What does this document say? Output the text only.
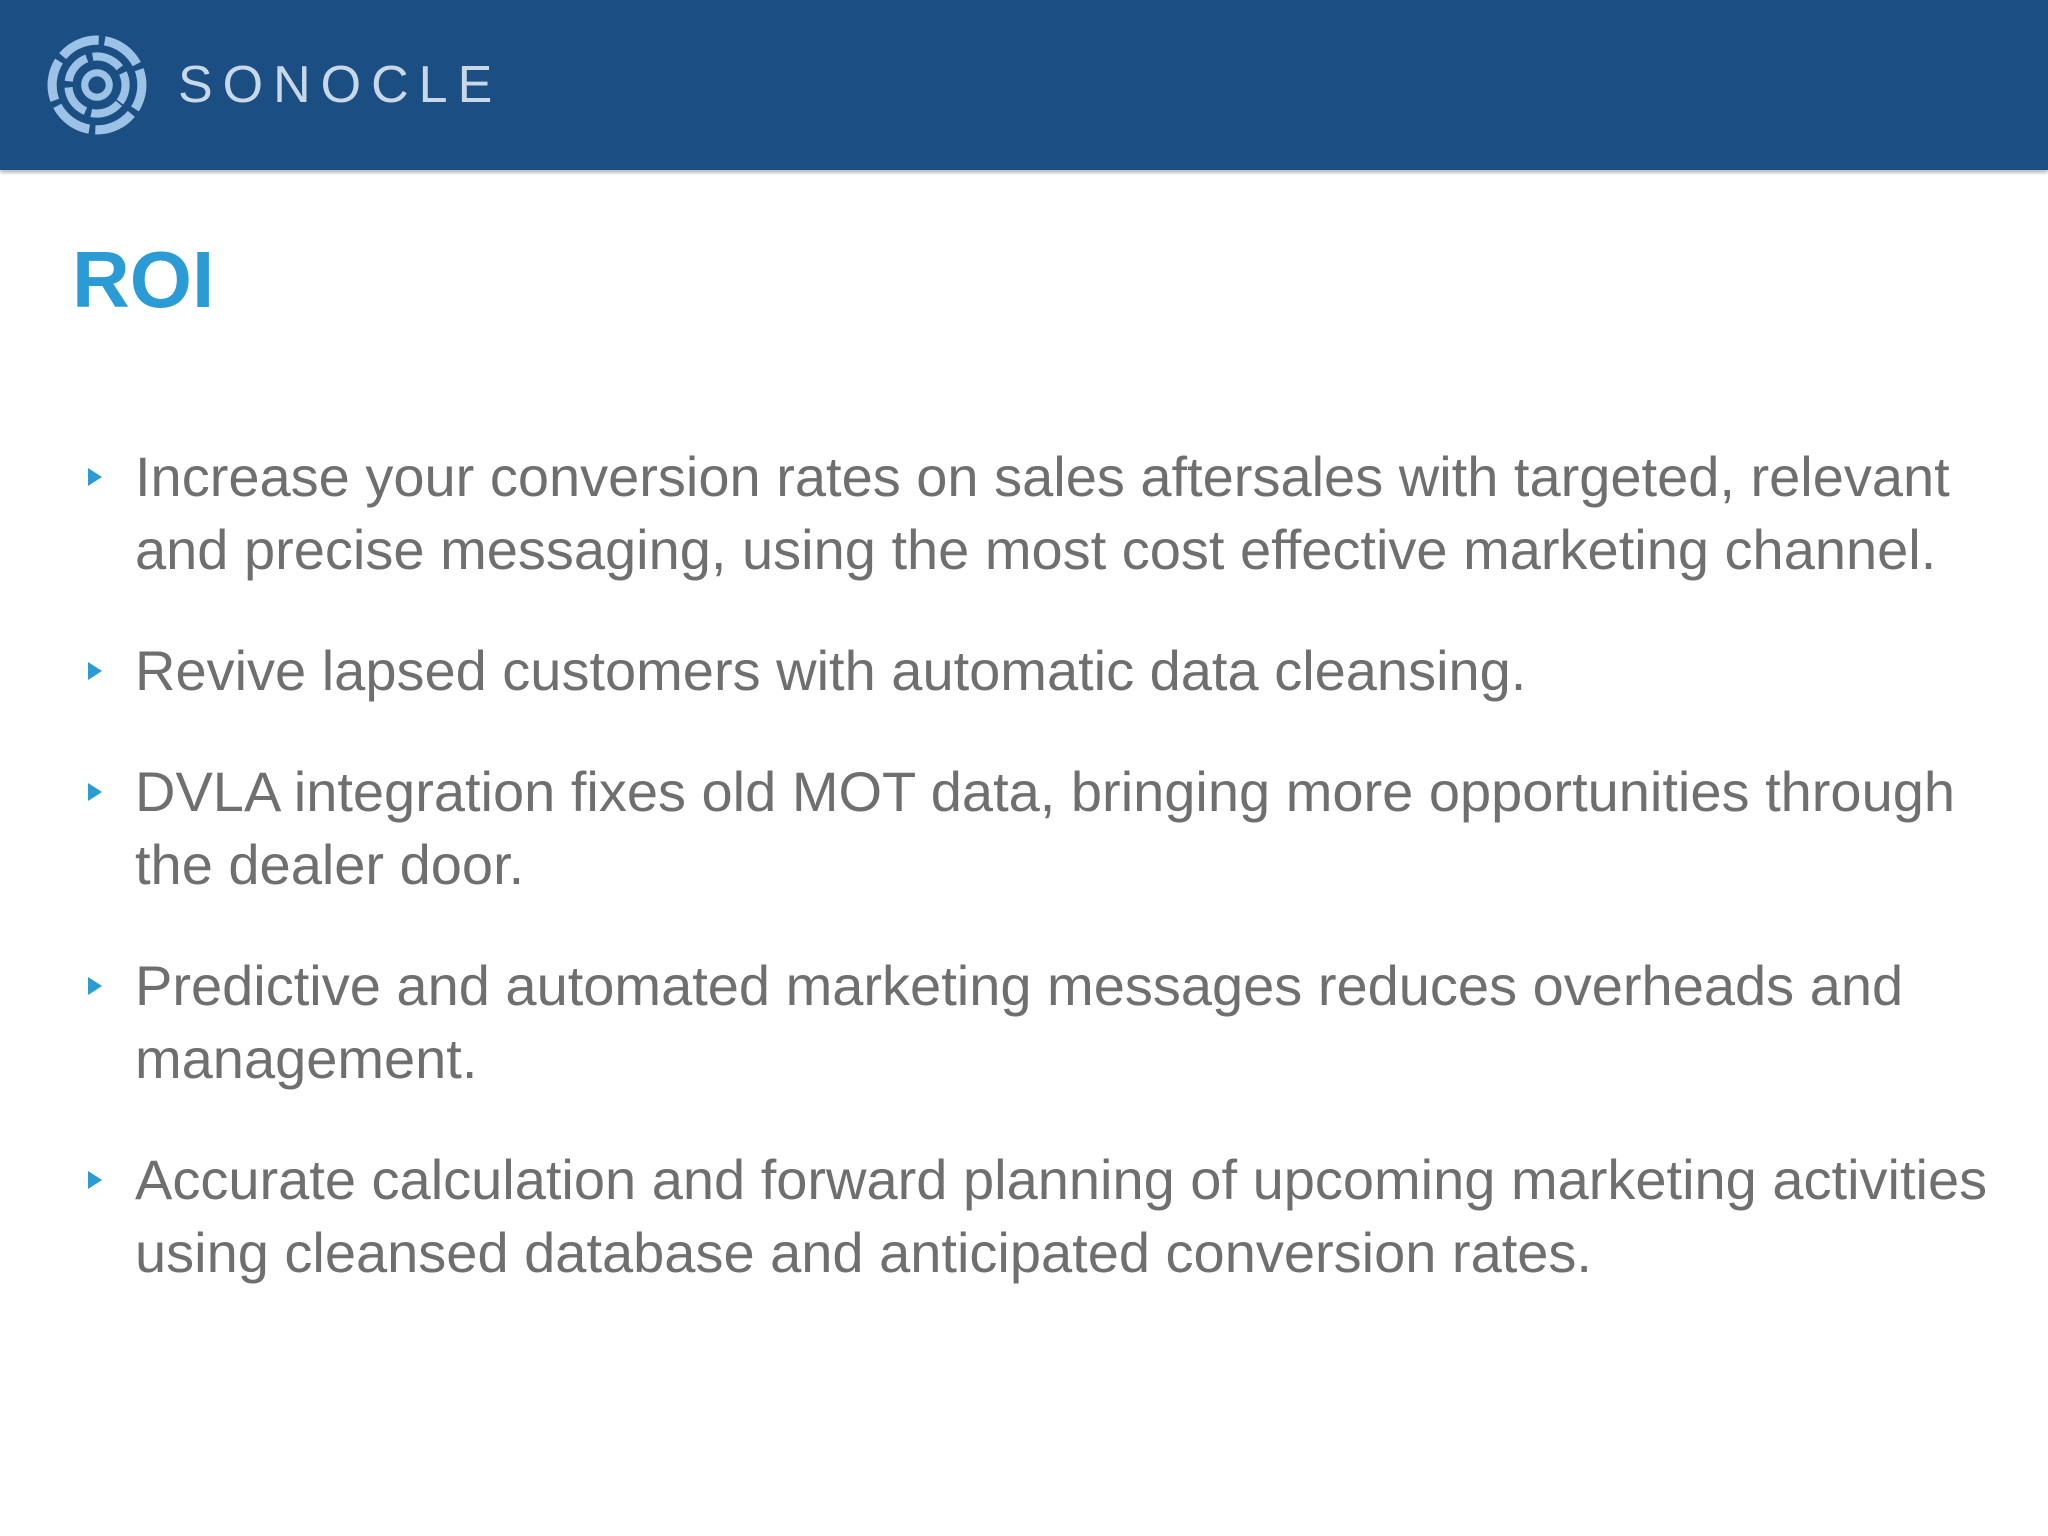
SONOCLE
ROI
Increase your conversion rates on sales aftersales with targeted, relevant and precise messaging, using the most cost effective marketing channel.
Revive lapsed customers with automatic data cleansing.
DVLA integration fixes old MOT data, bringing more opportunities through the dealer door.
Predictive and automated marketing messages reduces overheads and management.
Accurate calculation and forward planning of upcoming marketing activities using cleansed database and anticipated conversion rates.
